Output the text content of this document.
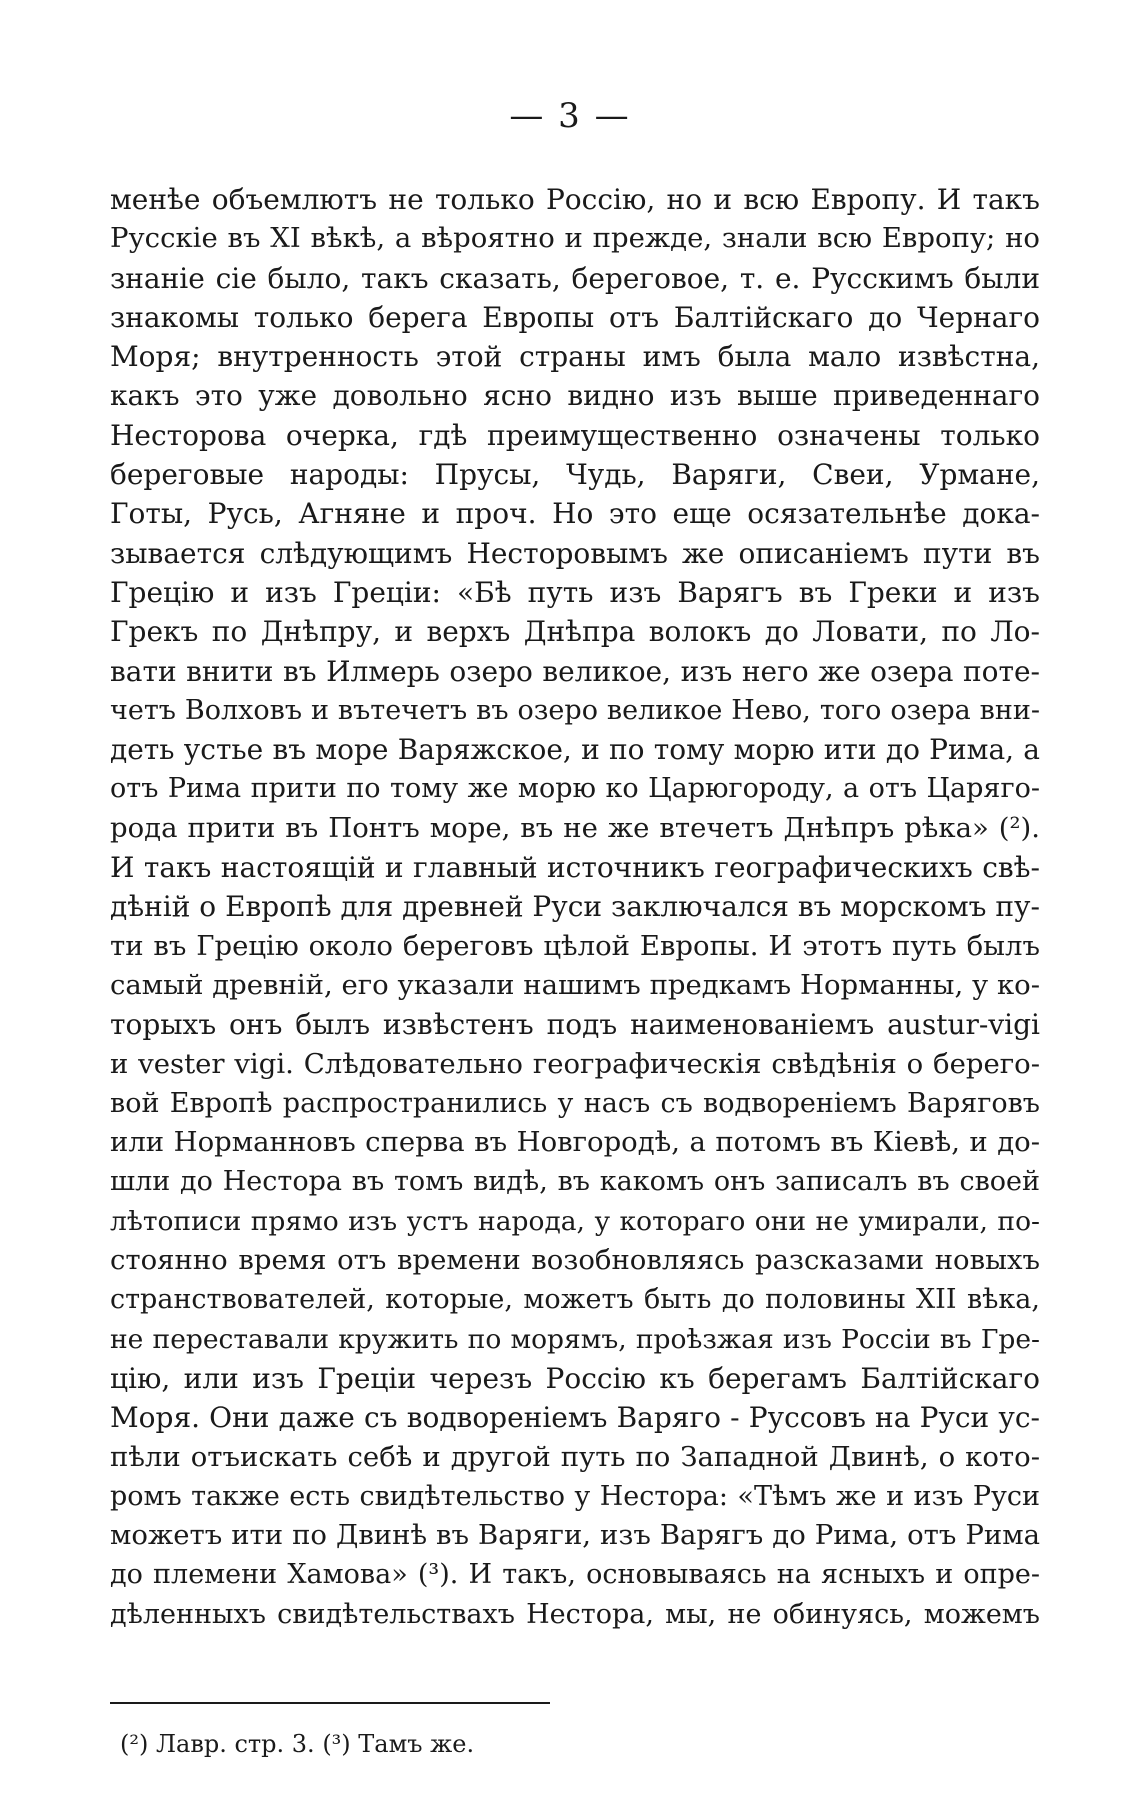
— 3 —
менѣе объемлютъ не только Россію, но и всю Европу. И такъ
Русскіе въ XI вѣкѣ, а вѣроятно и прежде, знали всю Европу; но
знаніе сіе было, такъ сказать, береговое, т. е. Русскимъ были
знакомы только берега Европы отъ Балтійскаго до Чернаго
Моря; внутренность этой страны имъ была мало извѣстна,
какъ это уже довольно ясно видно изъ выше приведеннаго
Несторова очерка, гдѣ преимущественно означены только
береговые народы: Прусы, Чудь, Варяги, Свеи, Урмане,
Готы, Русь, Агняне и проч. Но это еще осязательнѣе дока-
зывается слѣдующимъ Несторовымъ же описаніемъ пути въ
Грецію и изъ Греціи: «Бѣ путь изъ Варягъ въ Греки и изъ
Грекъ по Днѣпру, и верхъ Днѣпра волокъ до Ловати, по Ло-
вати внити въ Илмерь озеро великое, изъ него же озера поте-
четъ Волховъ и вътечетъ въ озеро великое Нево, того озера вни-
деть устье въ море Варяжское, и по тому морю ити до Рима, а
отъ Рима прити по тому же морю ко Царюгороду, а отъ Царяго-
рода прити въ Понтъ море, въ не же втечетъ Днѣпръ рѣка» (²).
И такъ настоящій и главный источникъ географическихъ свѣ-
дѣній о Европѣ для древней Руси заключался въ морскомъ пу-
ти въ Грецію около береговъ цѣлой Европы. И этотъ путь былъ
самый древній, его указали нашимъ предкамъ Норманны, у ко-
торыхъ онъ былъ извѣстенъ подъ наименованіемъ austur-vigi
и vester vigi. Слѣдовательно географическія свѣдѣнія о берего-
вой Европѣ распространились у насъ съ водвореніемъ Варяговъ
или Норманновъ сперва въ Новгородѣ, а потомъ въ Кіевѣ, и до-
шли до Нестора въ томъ видѣ, въ какомъ онъ записалъ въ своей
лѣтописи прямо изъ устъ народа, у котораго они не умирали, по-
стоянно время отъ времени возобновляясь разсказами новыхъ
странствователей, которые, можетъ быть до половины XII вѣка,
не переставали кружить по морямъ, проѣзжая изъ Россіи въ Гре-
цію, или изъ Греціи черезъ Россію къ берегамъ Балтійскаго
Моря. Они даже съ водвореніемъ Варяго - Руссовъ на Руси ус-
пѣли отъискать себѣ и другой путь по Западной Двинѣ, о кото-
ромъ также есть свидѣтельство у Нестора: «Тѣмъ же и изъ Руси
можетъ ити по Двинѣ въ Варяги, изъ Варягъ до Рима, отъ Рима
до племени Хамова» (³). И такъ, основываясь на ясныхъ и опре-
дѣленныхъ свидѣтельствахъ Нестора, мы, не обинуясь, можемъ
(²) Лавр. стр. 3. (³) Тамъ же.
